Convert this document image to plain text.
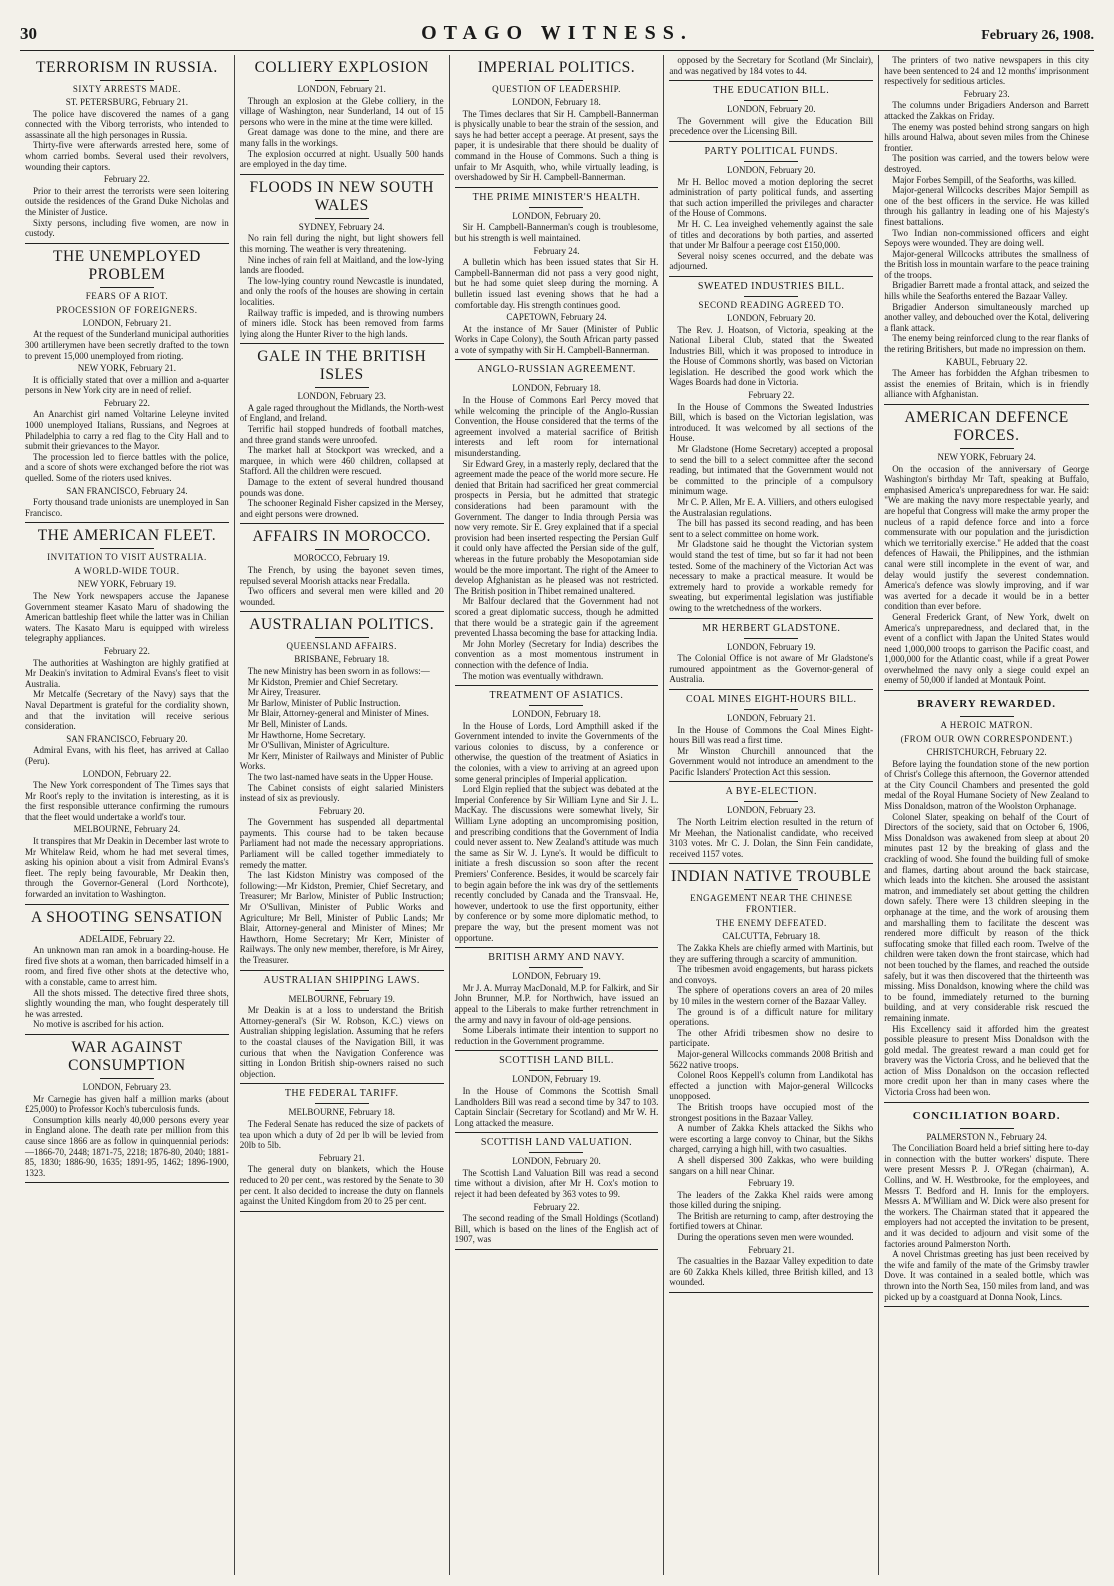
30	OTAGO WITNESS.	February 26, 1908.
TERRORISM IN RUSSIA.
SIXTY ARRESTS MADE.
ST. PETERSBURG, February 21.

The police have discovered the names of a gang connected with the Viborg terrorists, who intended to assassinate all the high personages in Russia.

Thirty-five were afterwards arrested here, some of whom carried bombs. Several used their revolvers, wounding their captors.

February 22.

Prior to their arrest the terrorists were seen loitering outside the residences of the Grand Duke Nicholas and the Minister of Justice.

Sixty persons, including five women, are now in custody.

THE UNEMPLOYED PROBLEM
FEARS OF A RIOT.
PROCESSION OF FOREIGNERS.
LONDON, February 21.

At the request of the Sunderland municipal authorities 300 artillerymen have been secretly drafted to the town to prevent 15,000 unemployed from rioting.

NEW YORK, February 21.

It is officially stated that over a million and a-quarter persons in New York city are in need of relief.

February 22.

An Anarchist girl named Voltarine Leleyne invited 1000 unemployed Italians, Russians, and Negroes at Philadelphia to carry a red flag to the City Hall and to submit their grievances to the Mayor.

The procession led to fierce battles with the police, and a score of shots were exchanged before the riot was quelled. Some of the rioters used knives.

SAN FRANCISCO, February 24.

Forty thousand trade unionists are unemployed in San Francisco.

THE AMERICAN FLEET.
INVITATION TO VISIT AUSTRALIA.
A WORLD-WIDE TOUR.
NEW YORK, February 19.

The New York newspapers accuse the Japanese Government steamer Kasato Maru of shadowing the American battleship fleet while the latter was in Chilian waters. The Kasato Maru is equipped with wireless telegraphy appliances.

February 22.

The authorities at Washington are highly gratified at Mr Deakin's invitation to Admiral Evans's fleet to visit Australia.

Mr Metcalfe (Secretary of the Navy) says that the Naval Department is grateful for the cordiality shown, and that the invitation will receive serious consideration.

SAN FRANCISCO, February 20.

Admiral Evans, with his fleet, has arrived at Callao (Peru).

LONDON, February 22.

The New York correspondent of The Times says that Mr Root's reply to the invitation is interesting, as it is the first responsible utterance confirming the rumours that the fleet would undertake a world's tour.

MELBOURNE, February 24.

It transpires that Mr Deakin in December last wrote to Mr Whitelaw Reid, whom he had met several times, asking his opinion about a visit from Admiral Evans's fleet. The reply being favourable, Mr Deakin then, through the Governor-General (Lord Northcote), forwarded an invitation to Washington.

A SHOOTING SENSATION
ADELAIDE, February 22.

An unknown man ran amok in a boarding-house. He fired five shots at a woman, then barricaded himself in a room, and fired five other shots at the detective who, with a constable, came to arrest him.

All the shots missed. The detective fired three shots, slightly wounding the man, who fought desperately till he was arrested.

No motive is ascribed for his action.

WAR AGAINST CONSUMPTION
LONDON, February 23.

Mr Carnegie has given half a million marks (about £25,000) to Professor Koch's tuberculosis funds.

Consumption kills nearly 40,000 persons every year in England alone. The death rate per million from this cause since 1866 are as follow in quinquennial periods:—1866-70, 2448; 1871-75, 2218; 1876-80, 2040; 1881-85, 1830; 1886-90, 1635; 1891-95, 1462; 1896-1900, 1323.

COLLIERY EXPLOSION
LONDON, February 21.

Through an explosion at the Glebe colliery, in the village of Washington, near Sunderland, 14 out of 15 persons who were in the mine at the time were killed.

Great damage was done to the mine, and there are many falls in the workings.

The explosion occurred at night. Usually 500 hands are employed in the day time.

FLOODS IN NEW SOUTH WALES
SYDNEY, February 24.

No rain fell during the night, but light showers fell this morning. The weather is very threatening.

Nine inches of rain fell at Maitland, and the low-lying lands are flooded.

The low-lying country round Newcastle is inundated, and only the roofs of the houses are showing in certain localities.

Railway traffic is impeded, and is throwing numbers of miners idle. Stock has been removed from farms lying along the Hunter River to the high lands.

GALE IN THE BRITISH ISLES
LONDON, February 23.

A gale raged throughout the Midlands, the North-west of England, and Ireland.

Terrific hail stopped hundreds of football matches, and three grand stands were unroofed.

The market hall at Stockport was wrecked, and a marquee, in which were 460 children, collapsed at Stafford. All the children were rescued.

Damage to the extent of several hundred thousand pounds was done.

The schooner Reginald Fisher capsized in the Mersey, and eight persons were drowned.

AFFAIRS IN MOROCCO.
MOROCCO, February 19.

The French, by using the bayonet seven times, repulsed several Moorish attacks near Fredalla.

Two officers and several men were killed and 20 wounded.

AUSTRALIAN POLITICS.
QUEENSLAND AFFAIRS.
BRISBANE, February 18.

The new Ministry has been sworn in as follows:—

Mr Kidston, Premier and Chief Secretary.

Mr Airey, Treasurer.

Mr Barlow, Minister of Public Instruction.

Mr Blair, Attorney-general and Minister of Mines.

Mr Bell, Minister of Lands.

Mr Hawthorne, Home Secretary.

Mr O'Sullivan, Minister of Agriculture.

Mr Kerr, Minister of Railways and Minister of Public Works.

The two last-named have seats in the Upper House.

The Cabinet consists of eight salaried Ministers instead of six as previously.

February 20.

The Government has suspended all departmental payments. This course had to be taken because Parliament had not made the necessary appropriations. Parliament will be called together immediately to remedy the matter.

The last Kidston Ministry was composed of the following:—Mr Kidston, Premier, Chief Secretary, and Treasurer; Mr Barlow, Minister of Public Instruction; Mr O'Sullivan, Minister of Public Works and Agriculture; Mr Bell, Minister of Public Lands; Mr Blair, Attorney-general and Minister of Mines; Mr Hawthorn, Home Secretary; Mr Kerr, Minister of Railways. The only new member, therefore, is Mr Airey, the Treasurer.

AUSTRALIAN SHIPPING LAWS.
MELBOURNE, February 19.

Mr Deakin is at a loss to understand the British Attorney-general's (Sir W. Robson, K.C.) views on Australian shipping legislation. Assuming that he refers to the coastal clauses of the Navigation Bill, it was curious that when the Navigation Conference was sitting in London British ship-owners raised no such objection.

THE FEDERAL TARIFF.
MELBOURNE, February 18.

The Federal Senate has reduced the size of packets of tea upon which a duty of 2d per lb will be levied from 20lb to 5lb.

February 21.

The general duty on blankets, which the House reduced to 20 per cent., was restored by the Senate to 30 per cent. It also decided to increase the duty on flannels against the United Kingdom from 20 to 25 per cent.

IMPERIAL POLITICS.
QUESTION OF LEADERSHIP.
LONDON, February 18.

The Times declares that Sir H. Campbell-Bannerman is physically unable to bear the strain of the session, and says he had better accept a peerage. At present, says the paper, it is undesirable that there should be duality of command in the House of Commons. Such a thing is unfair to Mr Asquith, who, while virtually leading, is overshadowed by Sir H. Campbell-Bannerman.

THE PRIME MINISTER'S HEALTH.
LONDON, February 20.

Sir H. Campbell-Bannerman's cough is troublesome, but his strength is well maintained.

February 24.

A bulletin which has been issued states that Sir H. Campbell-Bannerman did not pass a very good night, but he had some quiet sleep during the morning. A bulletin issued last evening shows that he had a comfortable day. His strength continues good.

CAPETOWN, February 24.

At the instance of Mr Sauer (Minister of Public Works in Cape Colony), the South African party passed a vote of sympathy with Sir H. Campbell-Bannerman.

ANGLO-RUSSIAN AGREEMENT.
LONDON, February 18.

In the House of Commons Earl Percy moved that while welcoming the principle of the Anglo-Russian Convention, the House considered that the terms of the agreement involved a material sacrifice of British interests and left room for international misunderstanding.

Sir Edward Grey, in a masterly reply, declared that the agreement made the peace of the world more secure. He denied that Britain had sacrificed her great commercial prospects in Persia, but he admitted that strategic considerations had been paramount with the Government. The danger to India through Persia was now very remote. Sir E. Grey explained that if a special provision had been inserted respecting the Persian Gulf it could only have affected the Persian side of the gulf, whereas in the future probably the Mesopotamian side would be the more important. The right of the Ameer to develop Afghanistan as he pleased was not restricted. The British position in Thibet remained unaltered.

Mr Balfour declared that the Government had not scored a great diplomatic success, though he admitted that there would be a strategic gain if the agreement prevented Lhassa becoming the base for attacking India.

Mr John Morley (Secretary for India) describes the convention as a most momentous instrument in connection with the defence of India.

The motion was eventually withdrawn.

TREATMENT OF ASIATICS.
LONDON, February 18.

In the House of Lords, Lord Ampthill asked if the Government intended to invite the Governments of the various colonies to discuss, by a conference or otherwise, the question of the treatment of Asiatics in the colonies, with a view to arriving at an agreed upon some general principles of Imperial application.

Lord Elgin replied that the subject was debated at the Imperial Conference by Sir William Lyne and Sir J. L. MacKay. The discussions were somewhat lively, Sir William Lyne adopting an uncompromising position, and prescribing conditions that the Government of India could never assent to. New Zealand's attitude was much the same as Sir W. J. Lyne's. It would be difficult to initiate a fresh discussion so soon after the recent Premiers' Conference. Besides, it would be scarcely fair to begin again before the ink was dry of the settlements recently concluded by Canada and the Transvaal. He, however, undertook to use the first opportunity, either by conference or by some more diplomatic method, to prepare the way, but the present moment was not opportune.

BRITISH ARMY AND NAVY.
LONDON, February 19.

Mr J. A. Murray MacDonald, M.P. for Falkirk, and Sir John Brunner, M.P. for Northwich, have issued an appeal to the Liberals to make further retrenchment in the army and navy in favour of old-age pensions.

Some Liberals intimate their intention to support no reduction in the Government programme.

SCOTTISH LAND BILL.
LONDON, February 19.

In the House of Commons the Scottish Small Landholders Bill was read a second time by 347 to 103. Captain Sinclair (Secretary for Scotland) and Mr W. H. Long attacked the measure.

SCOTTISH LAND VALUATION.
LONDON, February 20.

The Scottish Land Valuation Bill was read a second time without a division, after Mr H. Cox's motion to reject it had been defeated by 363 votes to 99.

February 22.

The second reading of the Small Holdings (Scotland) Bill, which is based on the lines of the English act of 1907, was

opposed by the Secretary for Scotland (Mr Sinclair), and was negatived by 184 votes to 44.

THE EDUCATION BILL.
LONDON, February 20.

The Government will give the Education Bill precedence over the Licensing Bill.

PARTY POLITICAL FUNDS.
LONDON, February 20.

Mr H. Belloc moved a motion deploring the secret administration of party political funds, and asserting that such action imperilled the privileges and character of the House of Commons.

Mr H. C. Lea inveighed vehemently against the sale of titles and decorations by both parties, and asserted that under Mr Balfour a peerage cost £150,000.

Several noisy scenes occurred, and the debate was adjourned.

SWEATED INDUSTRIES BILL.
SECOND READING AGREED TO.
LONDON, February 20.

The Rev. J. Hoatson, of Victoria, speaking at the National Liberal Club, stated that the Sweated Industries Bill, which it was proposed to introduce in the House of Commons shortly, was based on Victorian legislation. He described the good work which the Wages Boards had done in Victoria.

February 22.

In the House of Commons the Sweated Industries Bill, which is based on the Victorian legislation, was introduced. It was welcomed by all sections of the House.

Mr Gladstone (Home Secretary) accepted a proposal to send the bill to a select committee after the second reading, but intimated that the Government would not be committed to the principle of a compulsory minimum wage.

Mr C. P. Allen, Mr E. A. Villiers, and others eulogised the Australasian regulations.

The bill has passed its second reading, and has been sent to a select committee on home work.

Mr Gladstone said he thought the Victorian system would stand the test of time, but so far it had not been tested. Some of the machinery of the Victorian Act was necessary to make a practical measure. It would be extremely hard to provide a workable remedy for sweating, but experimental legislation was justifiable owing to the wretchedness of the workers.

MR HERBERT GLADSTONE.
LONDON, February 19.

The Colonial Office is not aware of Mr Gladstone's rumoured appointment as the Governor-general of Australia.

COAL MINES EIGHT-HOURS BILL.
LONDON, February 21.

In the House of Commons the Coal Mines Eight-hours Bill was read a first time.

Mr Winston Churchill announced that the Government would not introduce an amendment to the Pacific Islanders' Protection Act this session.

A BYE-ELECTION.
LONDON, February 23.

The North Leitrim election resulted in the return of Mr Meehan, the Nationalist candidate, who received 3103 votes. Mr C. J. Dolan, the Sinn Fein candidate, received 1157 votes.

INDIAN NATIVE TROUBLE
ENGAGEMENT NEAR THE CHINESE FRONTIER.
THE ENEMY DEFEATED.
CALCUTTA, February 18.

The Zakka Khels are chiefly armed with Martinis, but they are suffering through a scarcity of ammunition.

The tribesmen avoid engagements, but harass pickets and convoys.

The sphere of operations covers an area of 20 miles by 10 miles in the western corner of the Bazaar Valley.

The ground is of a difficult nature for military operations.

The other Afridi tribesmen show no desire to participate.

Major-general Willcocks commands 2008 British and 5622 native troops.

Colonel Roos Keppell's column from Landikotal has effected a junction with Major-general Willcocks unopposed.

The British troops have occupied most of the strongest positions in the Bazaar Valley.

A number of Zakka Khels attacked the Sikhs who were escorting a large convoy to Chinar, but the Sikhs charged, carrying a high hill, with two casualties.

A shell dispersed 300 Zakkas, who were building sangars on a hill near Chinar.

February 19.

The leaders of the Zakka Khel raids were among those killed during the sniping.

The British are returning to camp, after destroying the fortified towers at Chinar.

During the operations seven men were wounded.

February 21.

The casualties in the Bazaar Valley expedition to date are 60 Zakka Khels killed, three British killed, and 13 wounded.

The printers of two native newspapers in this city have been sentenced to 24 and 12 months' imprisonment respectively for seditious articles.

February 23.

The columns under Brigadiers Anderson and Barrett attacked the Zakkas on Friday.

The enemy was posted behind strong sangars on high hills around Halwa, about seven miles from the Chinese frontier.

The position was carried, and the towers below were destroyed.

Major Forbes Sempill, of the Seaforths, was killed.

Major-general Willcocks describes Major Sempill as one of the best officers in the service. He was killed through his gallantry in leading one of his Majesty's finest battalions.

Two Indian non-commissioned officers and eight Sepoys were wounded. They are doing well.

Major-general Willcocks attributes the smallness of the British loss in mountain warfare to the peace training of the troops.

Brigadier Barrett made a frontal attack, and seized the hills while the Seaforths entered the Bazaar Valley.

Brigadier Anderson simultaneously marched up another valley, and debouched over the Kotal, delivering a flank attack.

The enemy being reinforced clung to the rear flanks of the retiring Britishers, but made no impression on them.

KABUL, February 22.

The Ameer has forbidden the Afghan tribesmen to assist the enemies of Britain, which is in friendly alliance with Afghanistan.

AMERICAN DEFENCE FORCES.
NEW YORK, February 24.

On the occasion of the anniversary of George Washington's birthday Mr Taft, speaking at Buffalo, emphasised America's unpreparedness for war. He said: "We are making the navy more respectable yearly, and are hopeful that Congress will make the army proper the nucleus of a rapid defence force and into a force commensurate with our population and the jurisdiction which we territorially exercise." He added that the coast defences of Hawaii, the Philippines, and the isthmian canal were still incomplete in the event of war, and delay would justify the severest condemnation. America's defence was slowly improving, and if war was averted for a decade it would be in a better condition than ever before.

General Frederick Grant, of New York, dwelt on America's unpreparedness, and declared that, in the event of a conflict with Japan the United States would need 1,000,000 troops to garrison the Pacific coast, and 1,000,000 for the Atlantic coast, while if a great Power overwhelmed the navy only a siege could expel an enemy of 50,000 if landed at Montauk Point.

BRAVERY REWARDED.
A HEROIC MATRON.
(FROM OUR OWN CORRESPONDENT.)
CHRISTCHURCH, February 22.

Before laying the foundation stone of the new portion of Christ's College this afternoon, the Governor attended at the City Council Chambers and presented the gold medal of the Royal Humane Society of New Zealand to Miss Donaldson, matron of the Woolston Orphanage.

Colonel Slater, speaking on behalf of the Court of Directors of the society, said that on October 6, 1906, Miss Donaldson was awakened from sleep at about 20 minutes past 12 by the breaking of glass and the crackling of wood. She found the building full of smoke and flames, darting about around the back staircase, which leads into the kitchen. She aroused the assistant matron, and immediately set about getting the children down safely. There were 13 children sleeping in the orphanage at the time, and the work of arousing them and marshalling them to facilitate the descent was rendered more difficult by reason of the thick suffocating smoke that filled each room. Twelve of the children were taken down the front staircase, which had not been touched by the flames, and reached the outside safely, but it was then discovered that the thirteenth was missing. Miss Donaldson, knowing where the child was to be found, immediately returned to the burning building, and at very considerable risk rescued the remaining inmate.

His Excellency said it afforded him the greatest possible pleasure to present Miss Donaldson with the gold medal. The greatest reward a man could get for bravery was the Victoria Cross, and he believed that the action of Miss Donaldson on the occasion reflected more credit upon her than in many cases where the Victoria Cross had been won.

CONCILIATION BOARD.
PALMERSTON N., February 24.

The Conciliation Board held a brief sitting here to-day in connection with the butter workers' dispute. There were present Messrs P. J. O'Regan (chairman), A. Collins, and W. H. Westbrooke, for the employees, and Messrs T. Bedford and H. Innis for the employers. Messrs A. M'William and W. Dick were also present for the workers. The Chairman stated that it appeared the employers had not accepted the invitation to be present, and it was decided to adjourn and visit some of the factories around Palmerston North.

A novel Christmas greeting has just been received by the wife and family of the mate of the Grimsby trawler Dove. It was contained in a sealed bottle, which was thrown into the North Sea, 150 miles from land, and was picked up by a coastguard at Donna Nook, Lincs.
